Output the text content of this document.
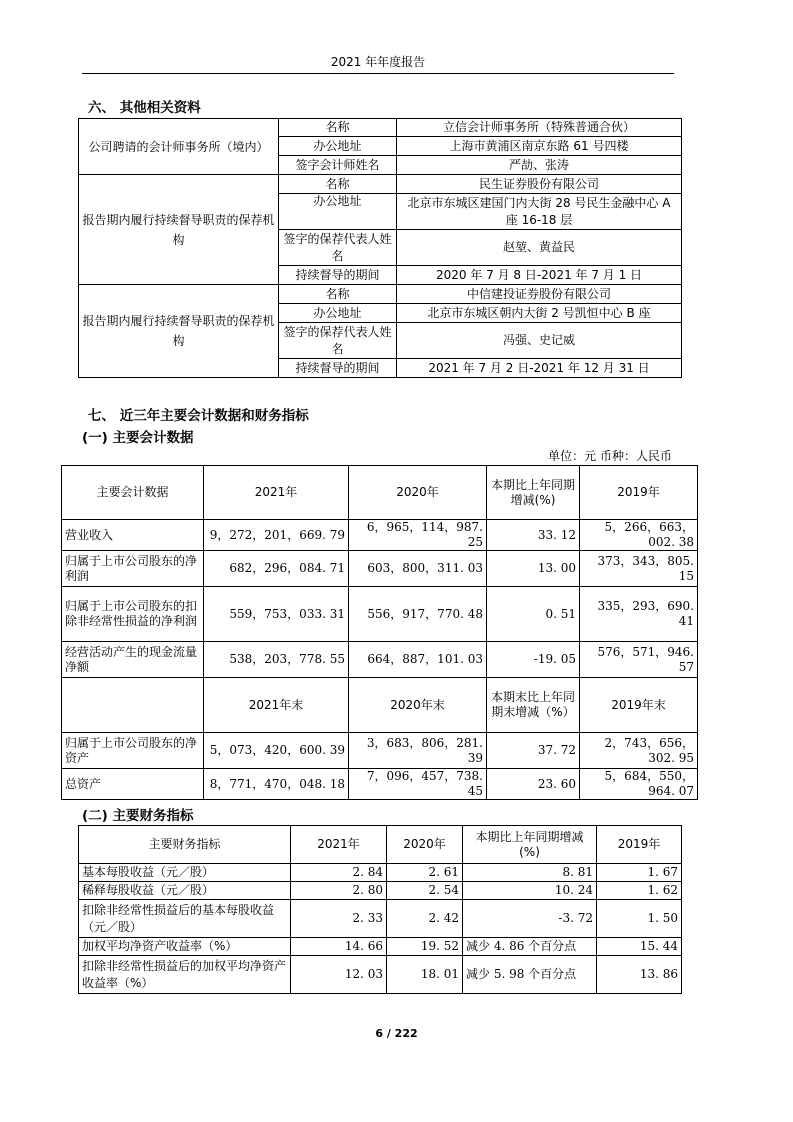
2021 年年度报告
六、 其他相关资料
公司聘请的会计师事务所（境内）	名称	立信会计师事务所（特殊普通合伙）
	办公地址	上海市黄浦区南京东路 61 号四楼
	签字会计师姓名	严劼、张涛
报告期内履行持续督导职责的保荐机构	名称	民生证券股份有限公司
	办公地址	北京市东城区建国门内大街 28 号民生金融中心 A 座 16-18 层
	签字的保荐代表人姓名	赵堃、黄益民
	持续督导的期间	2020 年 7 月 8 日-2021 年 7 月 1 日
报告期内履行持续督导职责的保荐机构	名称	中信建投证券股份有限公司
	办公地址	北京市东城区朝内大街 2 号凯恒中心 B 座
	签字的保荐代表人姓名	冯强、史记威
	持续督导的期间	2021 年 7 月 2 日-2021 年 12 月 31 日
七、 近三年主要会计数据和财务指标
(一) 主要会计数据
单位：元 币种：人民币
主要会计数据	2021年	2020年	本期比上年同期增减(%)	2019年
营业收入	9，272，201，669. 79	6，965，114，987. 25	33. 12	5，266，663，002. 38
归属于上市公司股东的净利润	682，296，084. 71	603，800，311. 03	13. 00	373，343，805. 15
归属于上市公司股东的扣除非经常性损益的净利润	559，753，033. 31	556，917，770. 48	0. 51	335，293，690. 41
经营活动产生的现金流量净额	538，203，778. 55	664，887，101. 03	-19. 05	576，571，946. 57
	2021年末	2020年末	本期末比上年同期末增减（%）	2019年末
归属于上市公司股东的净资产	5，073，420，600. 39	3，683，806，281. 39	37. 72	2，743，656，302. 95
总资产	8，771，470，048. 18	7，096，457，738. 45	23. 60	5，684，550，964. 07
(二) 主要财务指标
主要财务指标	2021年	2020年	本期比上年同期增减(%)	2019年
基本每股收益（元／股）	2. 84	2. 61	8. 81	1. 67
稀释每股收益（元／股）	2. 80	2. 54	10. 24	1. 62
扣除非经常性损益后的基本每股收益（元／股）	2. 33	2. 42	-3. 72	1. 50
加权平均净资产收益率（%）	14. 66	19. 52	减少 4. 86 个百分点	15. 44
扣除非经常性损益后的加权平均净资产收益率（%）	12. 03	18. 01	减少 5. 98 个百分点	13. 86
6 / 222
